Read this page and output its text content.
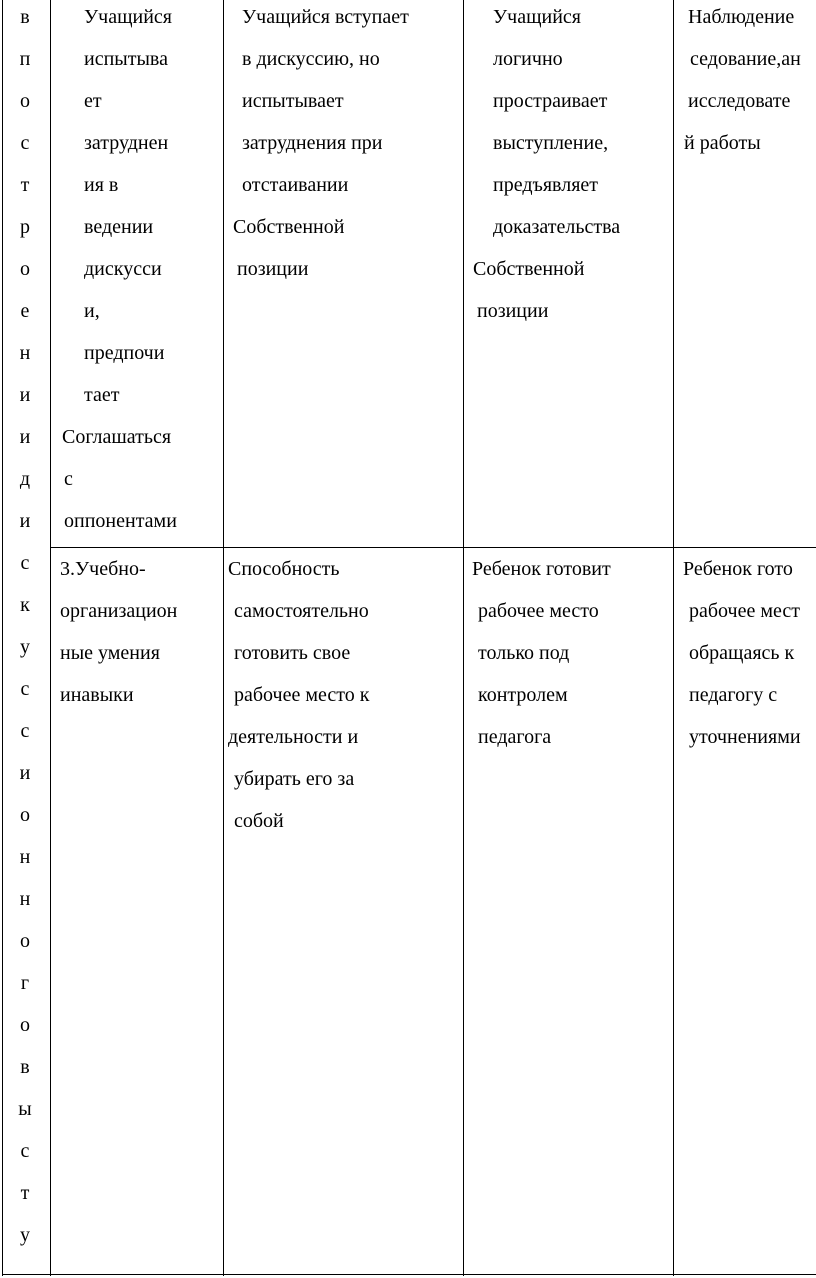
в
п
о
с
т
р
о
е
н
и
и
д
и
с
к
у
с
с
и
о
н
н
о
г
о
в
ы
с
т
у
Учащийся
испытыва
ет
затруднен
ия в
ведении
дискусси
и,
предпочи
тает
Соглашаться
с
оппонентами
Учащийся вступает
в дискуссию, но
испытывает
затруднения при
отстаивании
Собственной
позиции
Учащийся
логично
простраивает
выступление,
предъявляет
доказательства
Собственной
позиции
Наблюдение
седование,ан
исследовате
й работы
3.Учебно-
организацион
ные умения
инавыки
Способность
самостоятельно
готовить свое
рабочее место к
деятельности и
убирать его за
собой
Ребенок готовит
рабочее место
только под
контролем
педагога
Ребенок гото
рабочее мест
обращаясь к
педагогу с
уточнениями
